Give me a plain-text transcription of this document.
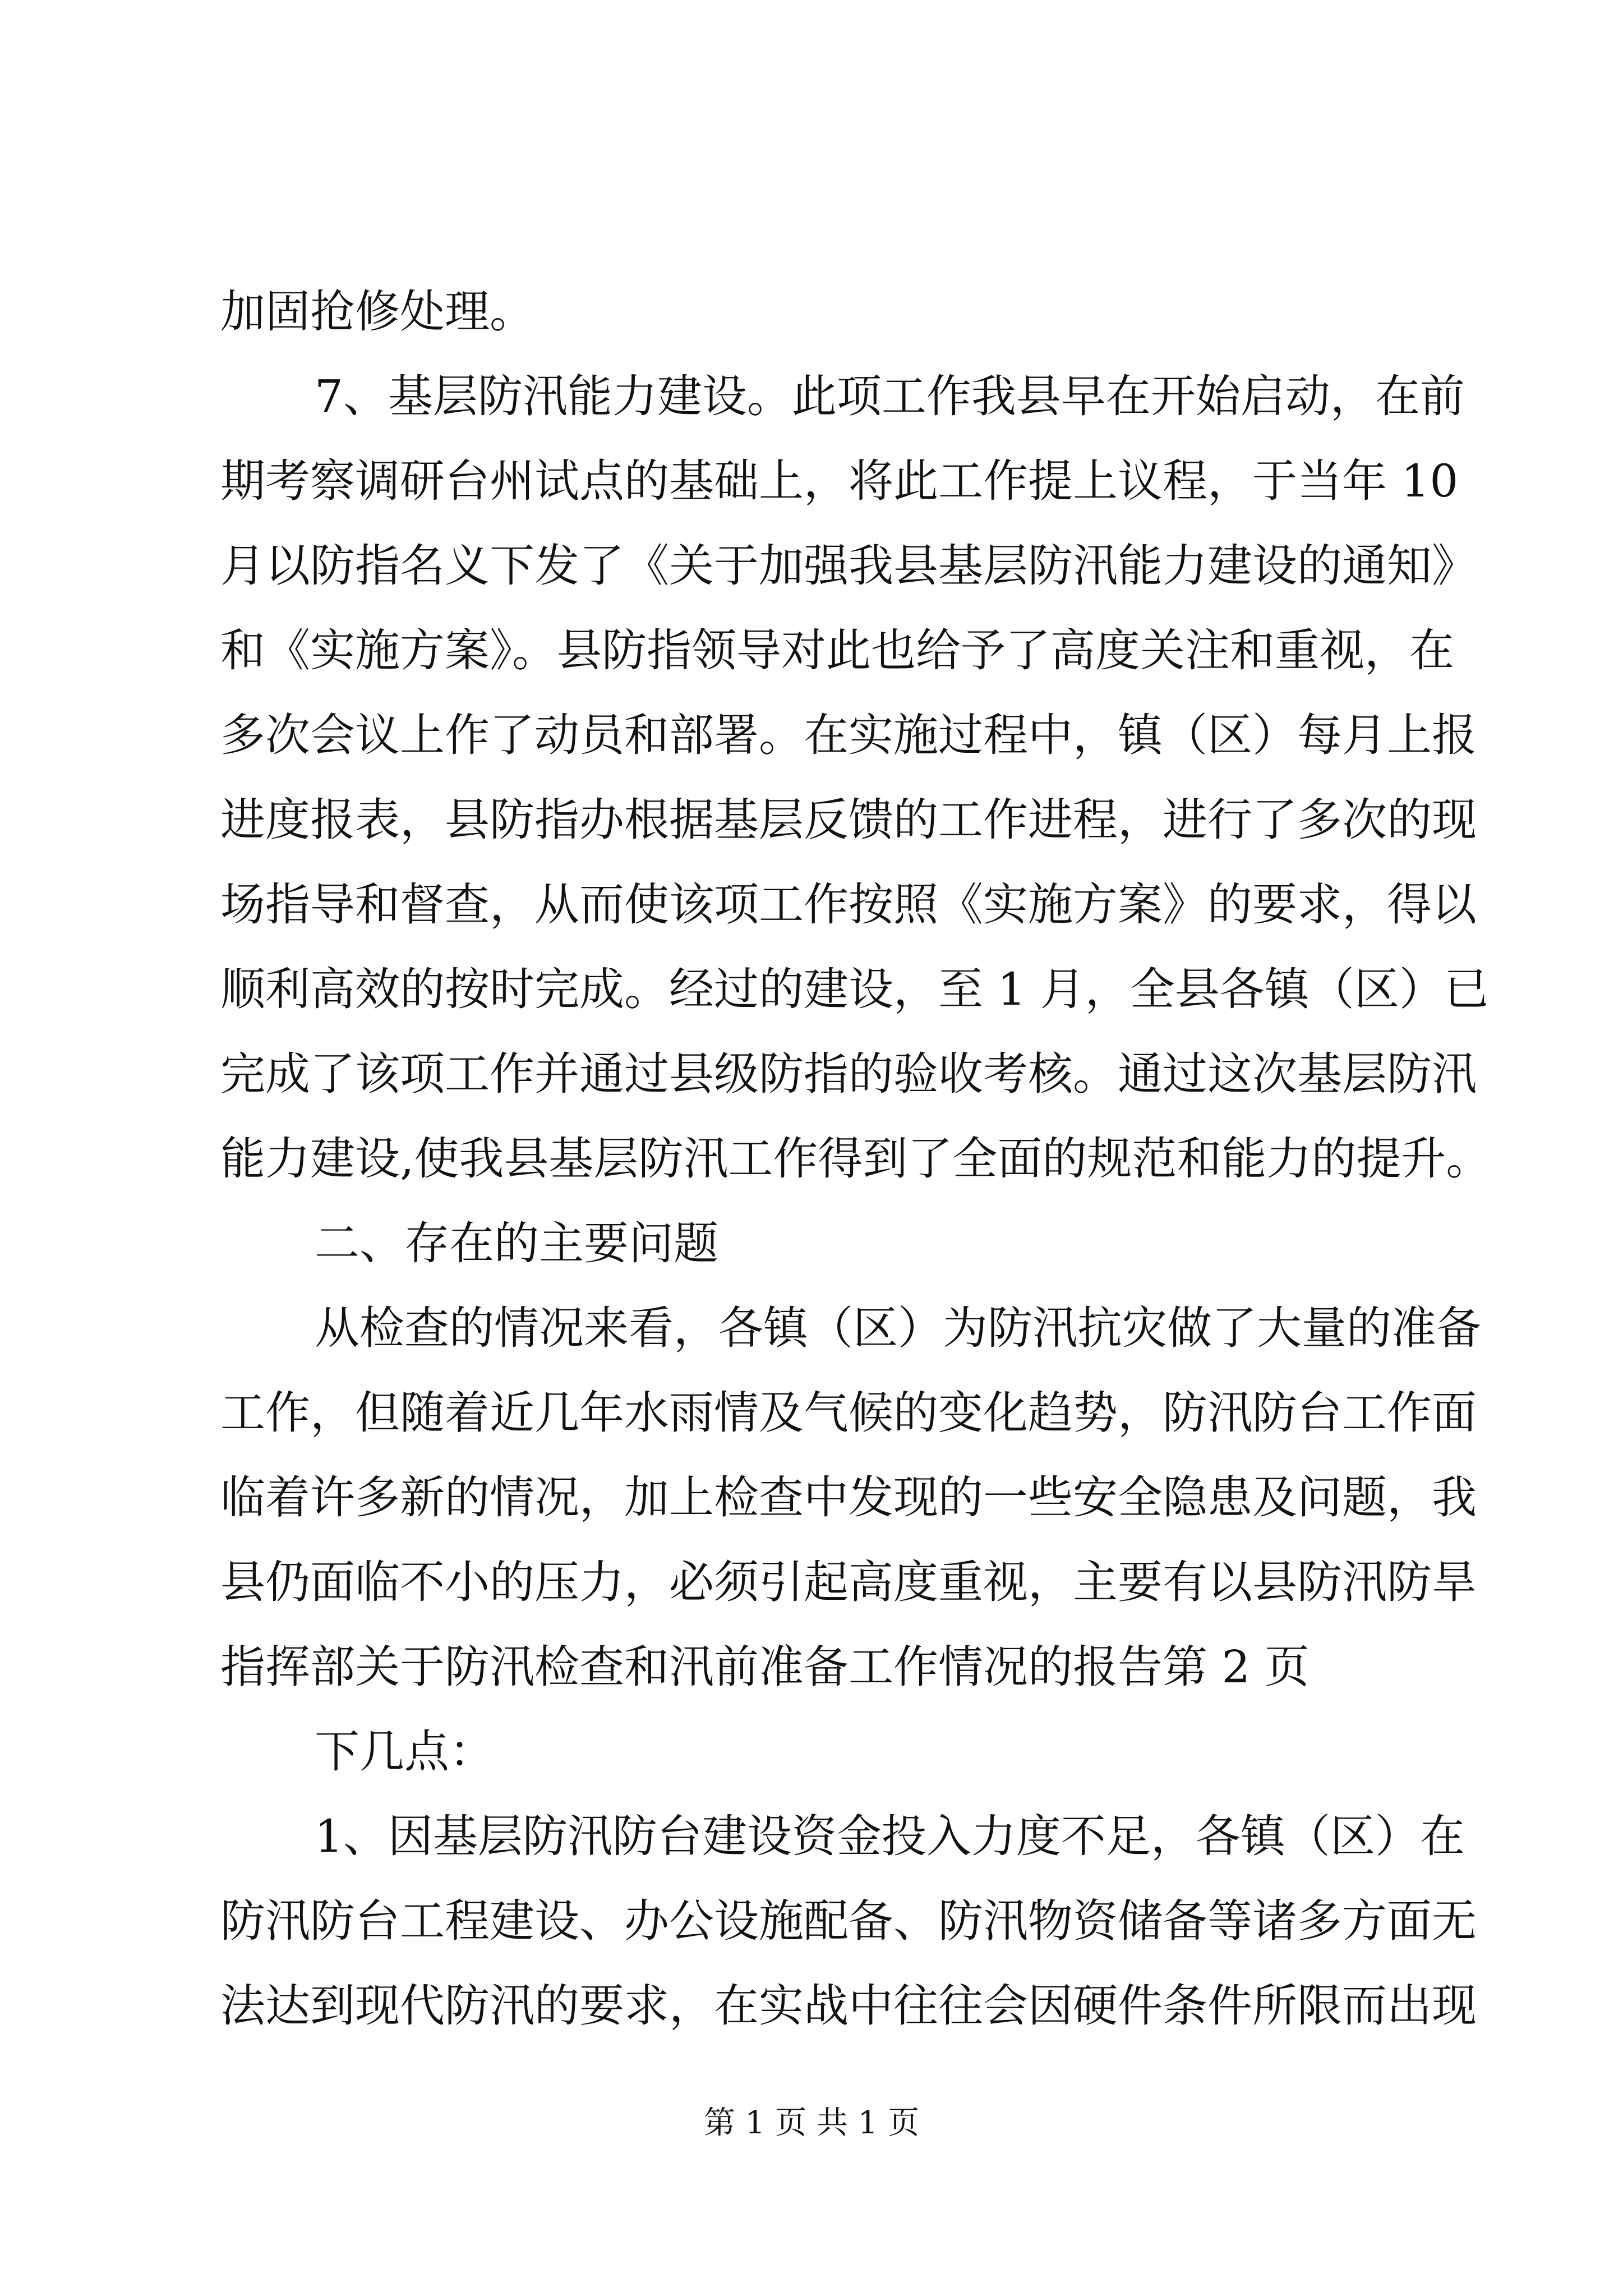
加固抢修处理。
7、基层防汛能力建设。此项工作我县早在开始启动，在前
期考察调研台州试点的基础上，将此工作提上议程，于当年 10
月以防指名义下发了《关于加强我县基层防汛能力建设的通知》
和《实施方案》。县防指领导对此也给予了高度关注和重视，在
多次会议上作了动员和部署。在实施过程中，镇（区）每月上报
进度报表，县防指办根据基层反馈的工作进程，进行了多次的现
场指导和督查，从而使该项工作按照《实施方案》的要求，得以
顺利高效的按时完成。经过的建设，至 1 月，全县各镇（区）已
完成了该项工作并通过县级防指的验收考核。通过这次基层防汛
能力建设,使我县基层防汛工作得到了全面的规范和能力的提升。
二、存在的主要问题
从检查的情况来看，各镇（区）为防汛抗灾做了大量的准备
工作，但随着近几年水雨情及气候的变化趋势，防汛防台工作面
临着许多新的情况，加上检查中发现的一些安全隐患及问题，我
县仍面临不小的压力，必须引起高度重视，主要有以县防汛防旱
指挥部关于防汛检查和汛前准备工作情况的报告第 2 页
下几点：
1、因基层防汛防台建设资金投入力度不足，各镇（区）在
防汛防台工程建设、办公设施配备、防汛物资储备等诸多方面无
法达到现代防汛的要求，在实战中往往会因硬件条件所限而出现
第 1 页 共 1 页
